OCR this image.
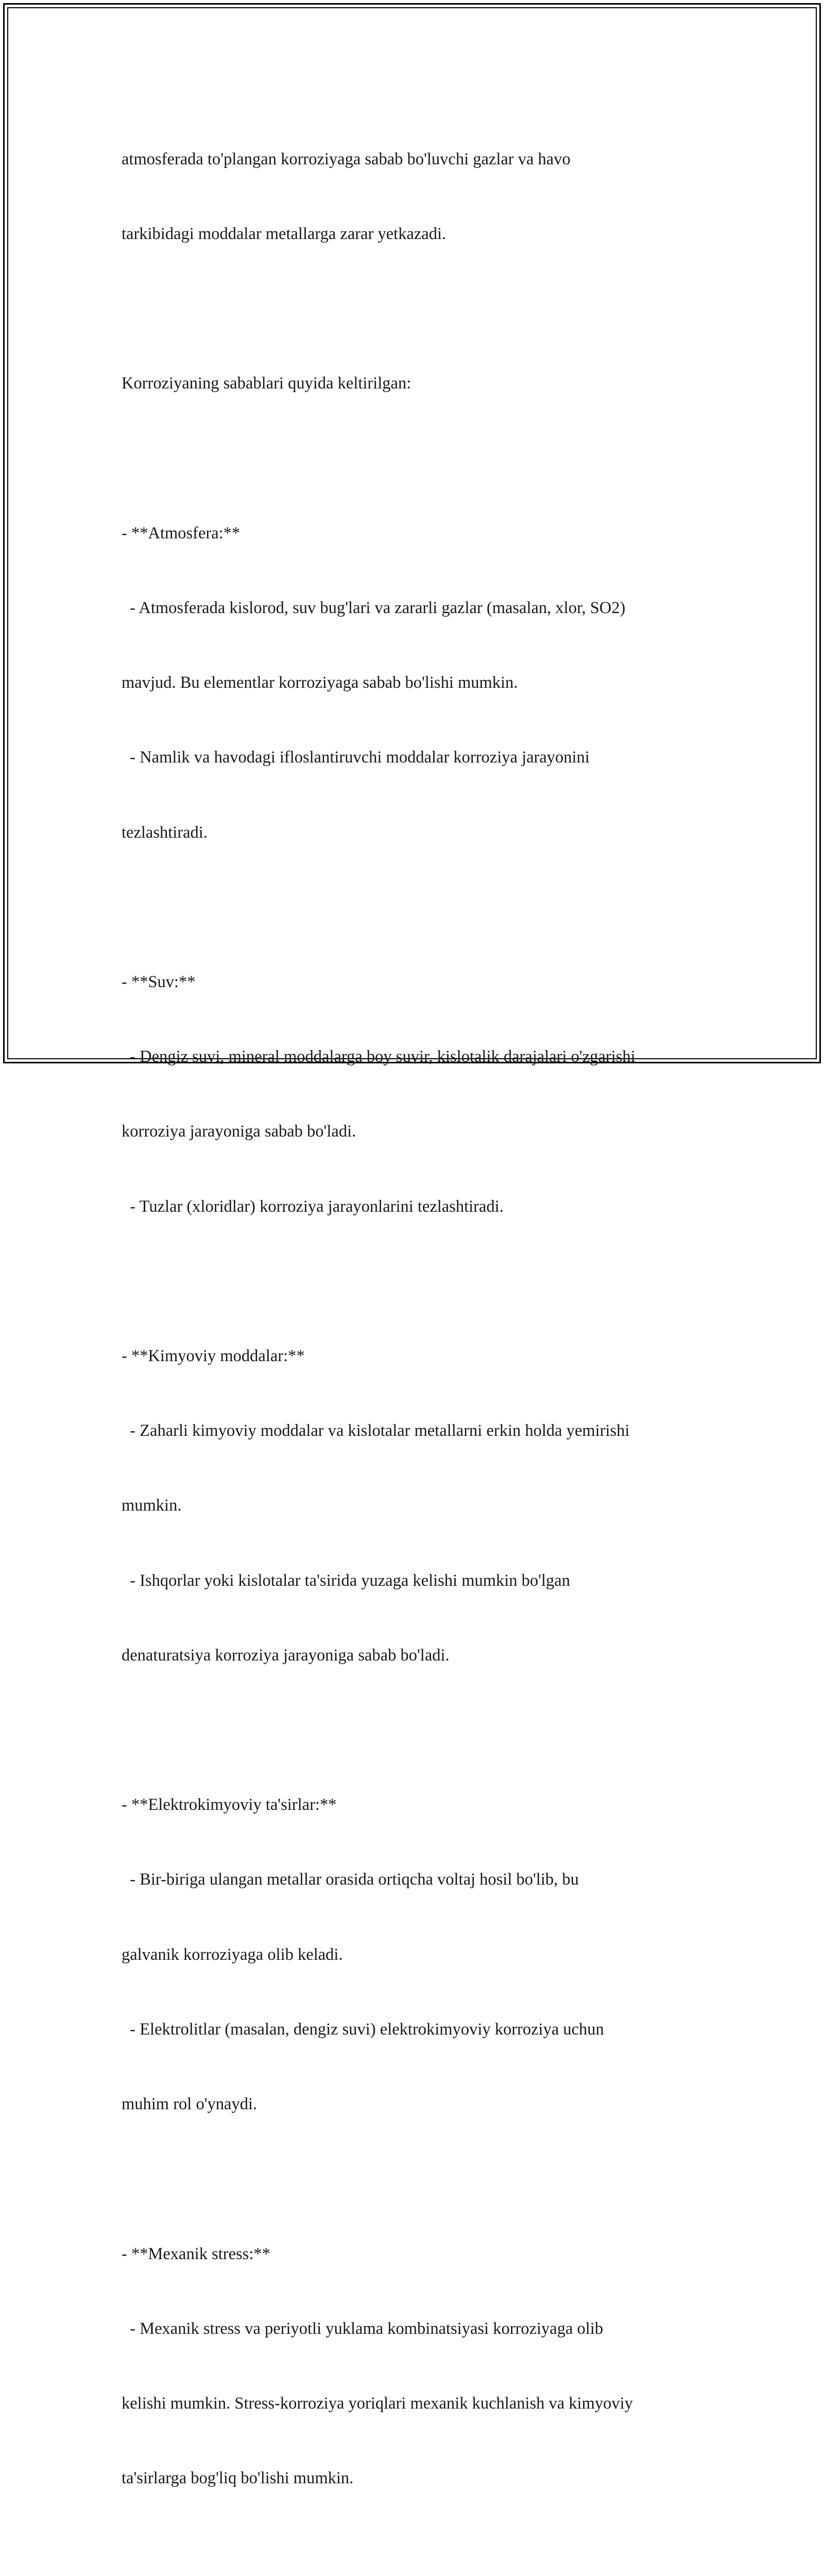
atmosferada to'plangan korroziyaga sabab bo'luvchi gazlar va havo

tarkibidagi moddalar metallarga zarar yetkazadi.

Korroziyaning sabablari quyida keltirilgan:

- **Atmosfera:**

- Atmosferada kislorod, suv bug'lari va zararli gazlar (masalan, xlor, SO2)

mavjud. Bu elementlar korroziyaga sabab bo'lishi mumkin.

- Namlik va havodagi ifloslantiruvchi moddalar korroziya jarayonini

tezlashtiradi.

- **Suv:**

- Dengiz suvi, mineral moddalarga boy suvir, kislotalik darajalari o'zgarishi

korroziya jarayoniga sabab bo'ladi.

- Tuzlar (xloridlar) korroziya jarayonlarini tezlashtiradi.

- **Kimyoviy moddalar:**

- Zaharli kimyoviy moddalar va kislotalar metallarni erkin holda yemirishi

mumkin.

- Ishqorlar yoki kislotalar ta'sirida yuzaga kelishi mumkin bo'lgan

denaturatsiya korroziya jarayoniga sabab bo'ladi.

- **Elektrokimyoviy ta'sirlar:**

- Bir-biriga ulangan metallar orasida ortiqcha voltaj hosil bo'lib, bu

galvanik korroziyaga olib keladi.

- Elektrolitlar (masalan, dengiz suvi) elektrokimyoviy korroziya uchun

muhim rol o'ynaydi.

- **Mexanik stress:**

- Mexanik stress va periyotli yuklama kombinatsiyasi korroziyaga olib

kelishi mumkin. Stress-korroziya yoriqlari mexanik kuchlanish va kimyoviy

ta'sirlarga bog'liq bo'lishi mumkin.
